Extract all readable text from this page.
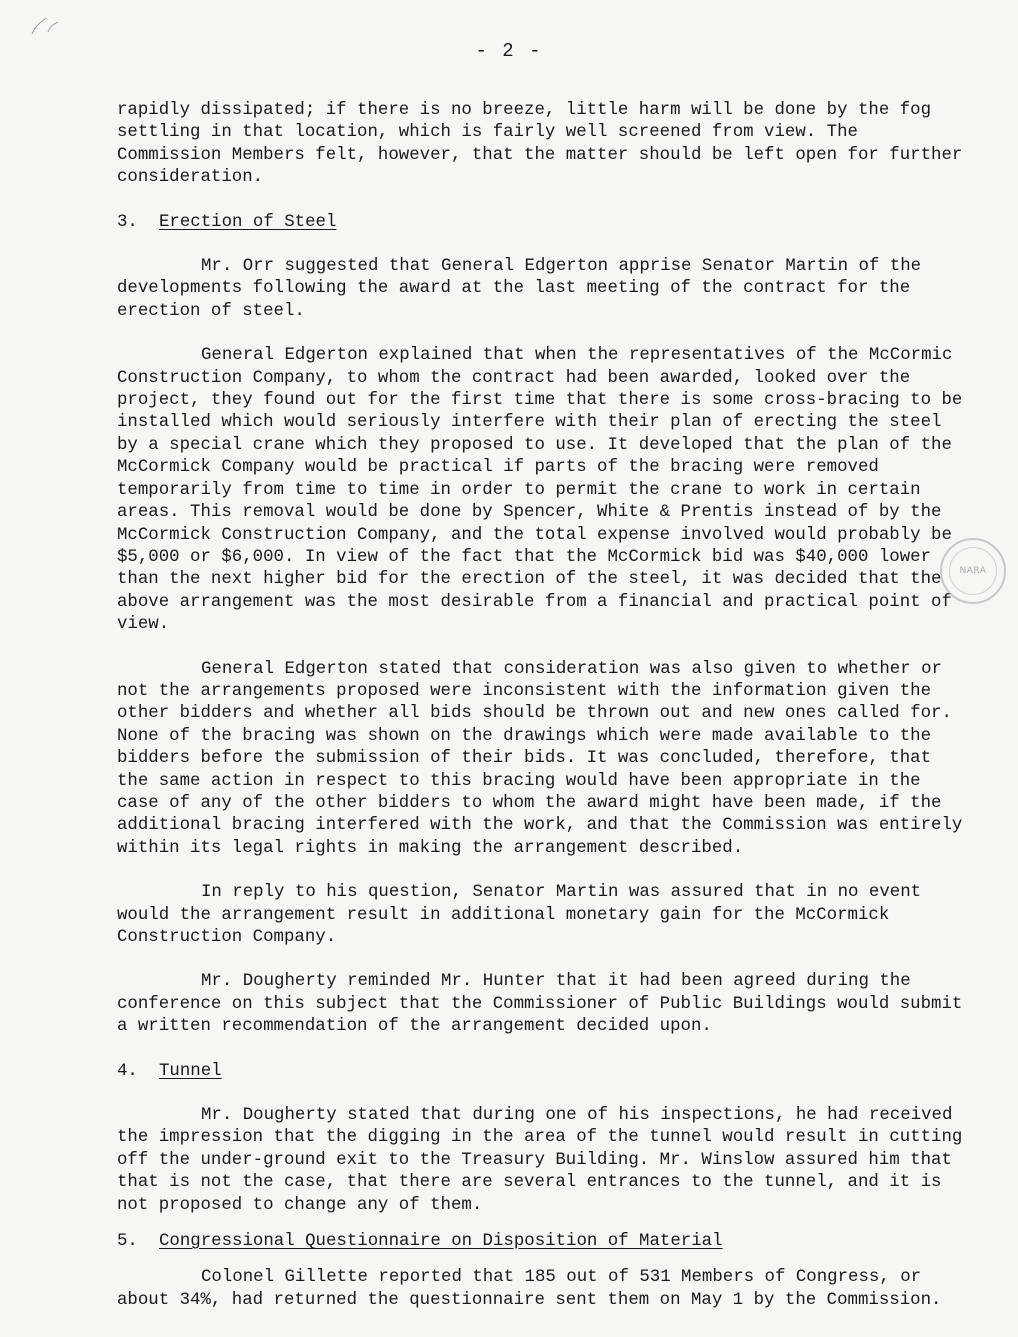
- 2 -

rapidly dissipated; if there is no breeze, little harm will be done by the fog settling in that location, which is fairly well screened from view. The Commission Members felt, however, that the matter should be left open for further consideration.

3. Erection of Steel

Mr. Orr suggested that General Edgerton apprise Senator Martin of the developments following the award at the last meeting of the contract for the erection of steel.

General Edgerton explained that when the representatives of the McCormic Construction Company, to whom the contract had been awarded, looked over the project, they found out for the first time that there is some cross-bracing to be installed which would seriously interfere with their plan of erecting the steel by a special crane which they proposed to use. It developed that the plan of the McCormick Company would be practical if parts of the bracing were removed temporarily from time to time in order to permit the crane to work in certain areas. This removal would be done by Spencer, White & Prentis instead of by the McCormick Construction Company, and the total expense involved would probably be $5,000 or $6,000. In view of the fact that the McCormick bid was $40,000 lower than the next higher bid for the erection of the steel, it was decided that the above arrangement was the most desirable from a financial and practical point of view.

General Edgerton stated that consideration was also given to whether or not the arrangements proposed were inconsistent with the information given the other bidders and whether all bids should be thrown out and new ones called for. None of the bracing was shown on the drawings which were made available to the bidders before the submission of their bids. It was concluded, therefore, that the same action in respect to this bracing would have been appropriate in the case of any of the other bidders to whom the award might have been made, if the additional bracing interfered with the work, and that the Commission was entirely within its legal rights in making the arrangement described.

In reply to his question, Senator Martin was assured that in no event would the arrangement result in additional monetary gain for the McCormick Construction Company.

Mr. Dougherty reminded Mr. Hunter that it had been agreed during the conference on this subject that the Commissioner of Public Buildings would submit a written recommendation of the arrangement decided upon.

4. Tunnel

Mr. Dougherty stated that during one of his inspections, he had received the impression that the digging in the area of the tunnel would result in cutting off the under-ground exit to the Treasury Building. Mr. Winslow assured him that that is not the case, that there are several entrances to the tunnel, and it is not proposed to change any of them.

5. Congressional Questionnaire on Disposition of Material

Colonel Gillette reported that 185 out of 531 Members of Congress, or about 34%, had returned the questionnaire sent them on May 1 by the Commission.

NARA
